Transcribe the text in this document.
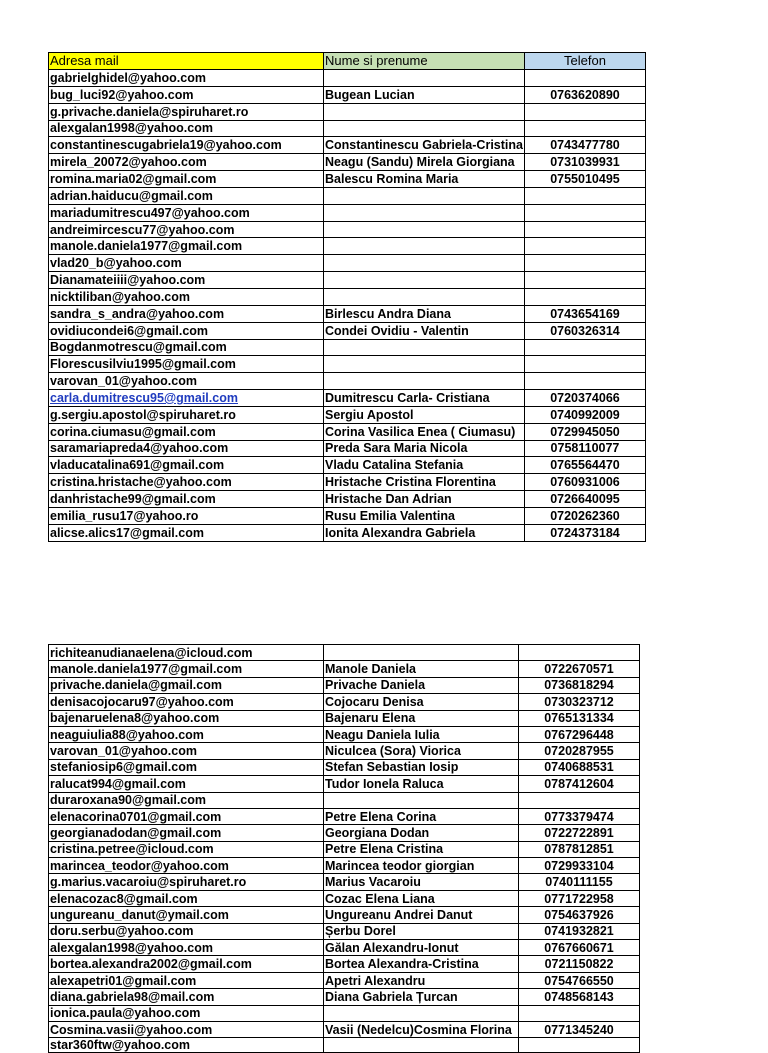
Adresa mail	Nume si prenume	Telefon
gabrielghidel@yahoo.com		
bug_luci92@yahoo.com	Bugean Lucian	0763620890
g.privache.daniela@spiruharet.ro		
alexgalan1998@yahoo.com		
constantinescugabriela19@yahoo.com	Constantinescu Gabriela-Cristina	0743477780
mirela_20072@yahoo.com	Neagu (Sandu) Mirela Giorgiana	0731039931
romina.maria02@gmail.com	Balescu Romina Maria	0755010495
adrian.haiducu@gmail.com		
mariadumitrescu497@yahoo.com		
andreimircescu77@yahoo.com		
manole.daniela1977@gmail.com		
vlad20_b@yahoo.com		
Dianamateiiii@yahoo.com		
nicktiliban@yahoo.com		
sandra_s_andra@yahoo.com	Birlescu Andra Diana	0743654169
ovidiucondei6@gmail.com	Condei Ovidiu - Valentin	0760326314
Bogdanmotrescu@gmail.com		
Florescusilviu1995@gmail.com		
varovan_01@yahoo.com		
carla.dumitrescu95@gmail.com	Dumitrescu Carla- Cristiana	0720374066
g.sergiu.apostol@spiruharet.ro	Sergiu Apostol	0740992009
corina.ciumasu@gmail.com	Corina Vasilica Enea ( Ciumasu)	0729945050
saramariapreda4@yahoo.com	Preda Sara Maria Nicola	0758110077
vladucatalina691@gmail.com	Vladu Catalina Stefania	0765564470
cristina.hristache@yahoo.com	Hristache Cristina Florentina	0760931006
danhristache99@gmail.com	Hristache Dan Adrian	0726640095
emilia_rusu17@yahoo.ro	Rusu Emilia Valentina	0720262360
alicse.alics17@gmail.com	Ionita Alexandra Gabriela	0724373184
richiteanudianaelena@icloud.com		
manole.daniela1977@gmail.com	Manole Daniela	0722670571
privache.daniela@gmail.com	Privache Daniela	0736818294
denisacojocaru97@yahoo.com	Cojocaru Denisa	0730323712
bajenaruelena8@yahoo.com	Bajenaru Elena	0765131334
neaguiulia88@yahoo.com	Neagu Daniela Iulia	0767296448
varovan_01@yahoo.com	Niculcea (Sora) Viorica	0720287955
stefaniosip6@gmail.com	Stefan Sebastian Iosip	0740688531
ralucat994@gmail.com	Tudor Ionela Raluca	0787412604
duraroxana90@gmail.com		
elenacorina0701@gmail.com	Petre Elena Corina	0773379474
georgianadodan@gmail.com	Georgiana Dodan	0722722891
cristina.petree@icloud.com	Petre Elena Cristina	0787812851
marincea_teodor@yahoo.com	Marincea teodor giorgian	0729933104
g.marius.vacaroiu@spiruharet.ro	Marius Vacaroiu	0740111155
elenacozac8@gmail.com	Cozac Elena Liana	0771722958
ungureanu_danut@ymail.com	Ungureanu Andrei Danut	0754637926
doru.serbu@yahoo.com	Șerbu Dorel	0741932821
alexgalan1998@yahoo.com	Gălan Alexandru-Ionut	0767660671
bortea.alexandra2002@gmail.com	Bortea Alexandra-Cristina	0721150822
alexapetri01@gmail.com	Apetri Alexandru	0754766550
diana.gabriela98@mail.com	Diana Gabriela Țurcan	0748568143
ionica.paula@yahoo.com		
Cosmina.vasii@yahoo.com	Vasii (Nedelcu)Cosmina Florina	0771345240
star360ftw@yahoo.com		
